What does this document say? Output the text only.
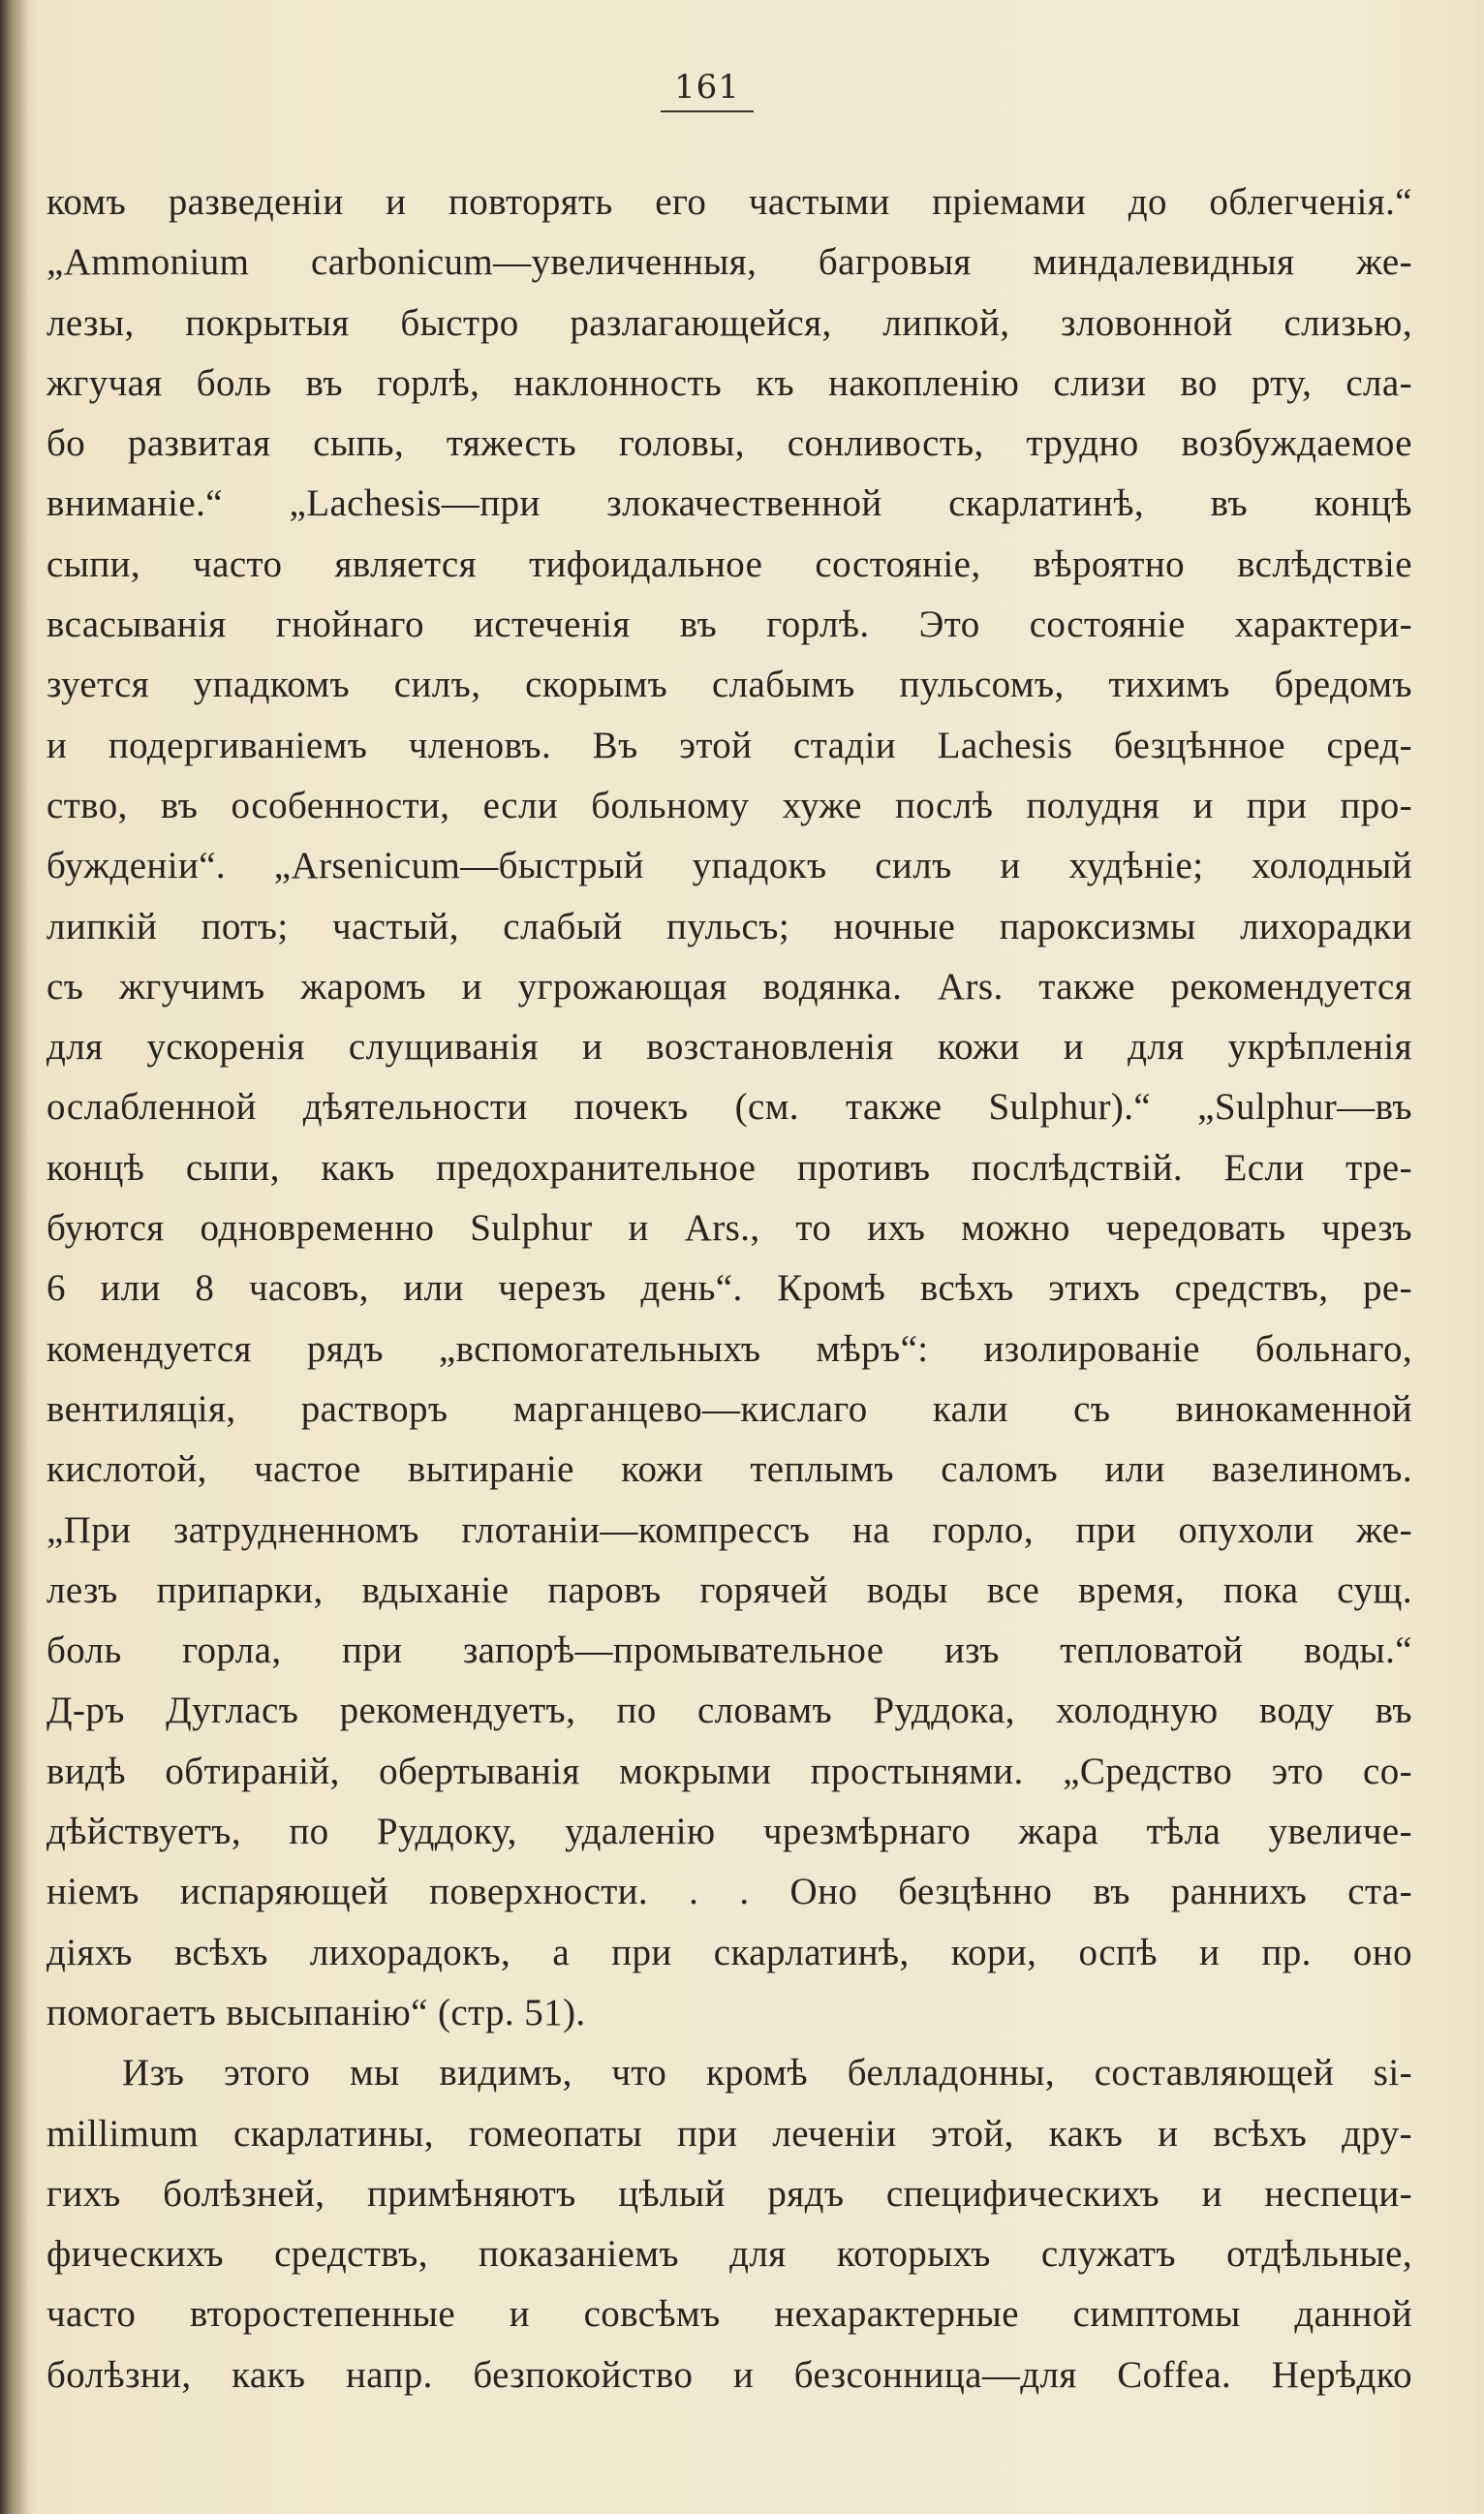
161
комъ разведеніи и повторять его частыми пріемами до облегченія.“
„Ammonium carbonicum—увеличенныя, багровыя миндалевидныя же-
лезы, покрытыя быстро разлагающейся, липкой, зловонной слизью,
жгучая боль въ горлѣ, наклонность къ накопленію слизи во рту, сла-
бо развитая сыпь, тяжесть головы, сонливость, трудно возбуждаемое
вниманіе.“ „Lachesis—при злокачественной скарлатинѣ, въ концѣ
сыпи, часто является тифоидальное состояніе, вѣроятно вслѣдствіе
всасыванія гнойнаго истеченія въ горлѣ. Это состояніе характери-
зуется упадкомъ силъ, скорымъ слабымъ пульсомъ, тихимъ бредомъ
и подергиваніемъ членовъ. Въ этой стадіи Lachesis безцѣнное сред-
ство, въ особенности, если больному хуже послѣ полудня и при про-
бужденіи“. „Arsenicum—быстрый упадокъ силъ и худѣніе; холодный
липкій потъ; частый, слабый пульсъ; ночные пароксизмы лихорадки
съ жгучимъ жаромъ и угрожающая водянка. Ars. также рекомендуется
для ускоренія слущиванія и возстановленія кожи и для укрѣпленія
ослабленной дѣятельности почекъ (см. также Sulphur).“ „Sulphur—въ
концѣ сыпи, какъ предохранительное противъ послѣдствій. Если тре-
буются одновременно Sulphur и Ars., то ихъ можно чередовать чрезъ
6 или 8 часовъ, или черезъ день“. Кромѣ всѣхъ этихъ средствъ, ре-
комендуется рядъ „вспомогательныхъ мѣръ“: изолированіе больнаго,
вентиляція, растворъ марганцево—кислаго кали съ винокаменной
кислотой, частое вытираніе кожи теплымъ саломъ или вазелиномъ.
„При затрудненномъ глотаніи—компрессъ на горло, при опухоли же-
лезъ припарки, вдыханіе паровъ горячей воды все время, пока сущ.
боль горла, при запорѣ—промывательное изъ тепловатой воды.“
Д-ръ Дугласъ рекомендуетъ, по словамъ Руддока, холодную воду въ
видѣ обтираній, обертыванія мокрыми простынями. „Средство это со-
дѣйствуетъ, по Руддоку, удаленію чрезмѣрнаго жара тѣла увеличе-
ніемъ испаряющей поверхности. . . Оно безцѣнно въ раннихъ ста-
діяхъ всѣхъ лихорадокъ, а при скарлатинѣ, кори, оспѣ и пр. оно
помогаетъ высыпанію“ (стр. 51).
Изъ этого мы видимъ, что кромѣ белладонны, составляющей si-
millimum скарлатины, гомеопаты при леченіи этой, какъ и всѣхъ дру-
гихъ болѣзней, примѣняютъ цѣлый рядъ специфическихъ и неспеци-
фическихъ средствъ, показаніемъ для которыхъ служатъ отдѣльные,
часто второстепенные и совсѣмъ нехарактерные симптомы данной
болѣзни, какъ напр. безпокойство и безсонница—для Coffea. Нерѣдко
